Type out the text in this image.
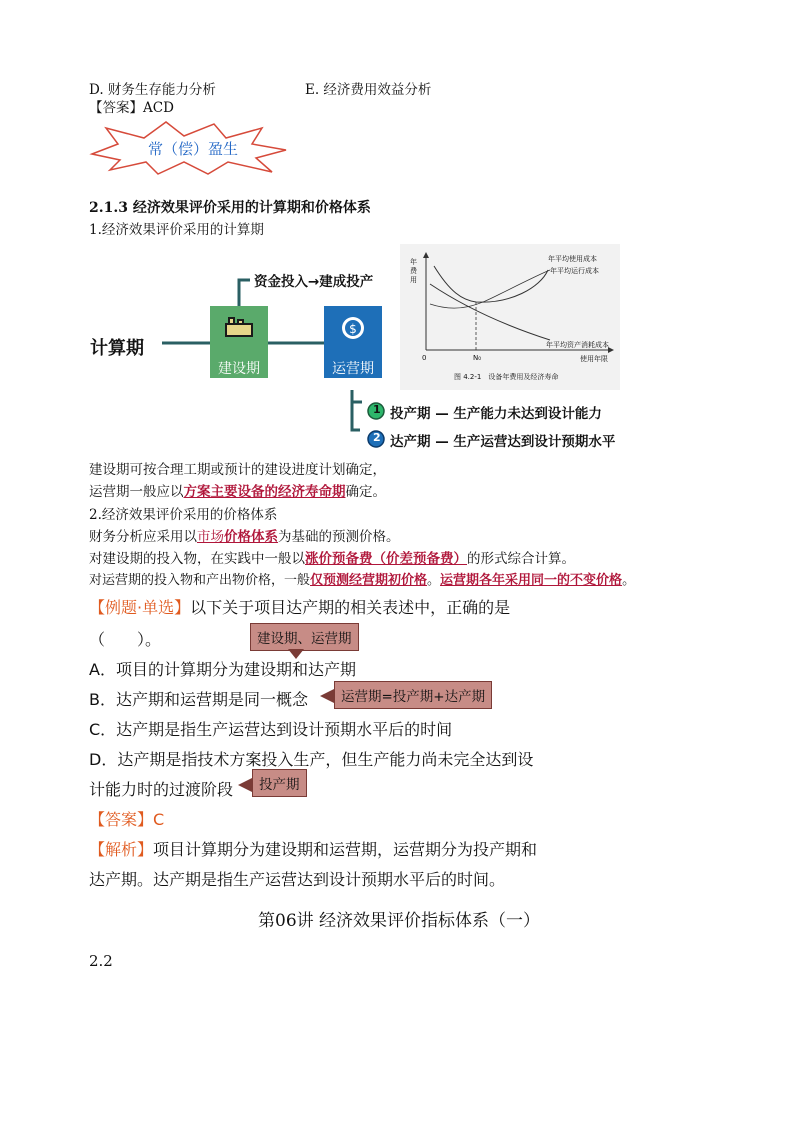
D. 财务生存能力分析	E. 经济费用效益分析
【答案】ACD
常（偿）盈生
2.1.3 经济效果评价采用的计算期和价格体系
1.经济效果评价采用的计算期
$
计算期
资金投入→建成投产
建设期	运营期
1
2
投产期 — 生产能力未达到设计能力
达产期 — 生产运营达到设计预期水平
年费用
0	N₀	使用年限
年平均使用成本
年平均运行成本
年平均资产消耗成本
图 4.2-1　设备年费用及经济寿命
建设期可按合理工期或预计的建设进度计划确定，
运营期一般应以方案主要设备的经济寿命期确定。
2.经济效果评价采用的价格体系
财务分析应采用以市场价格体系为基础的预测价格。
对建设期的投入物，在实践中一般以涨价预备费（价差预备费）的形式综合计算。
对运营期的投入物和产出物价格，一般仅预测经营期初价格。运营期各年采用同一的不变价格。
【例题·单选】以下关于项目达产期的相关表述中，正确的是
（　　）。
A．项目的计算期分为建设期和达产期
B．达产期和运营期是同一概念
C．达产期是指生产运营达到设计预期水平后的时间
D．达产期是指技术方案投入生产，但生产能力尚未完全达到设
计能力时的过渡阶段
建设期、运营期
运营期=投产期+达产期
投产期
【答案】C
【解析】项目计算期分为建设期和运营期，运营期分为投产期和
达产期。达产期是指生产运营达到设计预期水平后的时间。
第06讲 经济效果评价指标体系（一）
2.2
